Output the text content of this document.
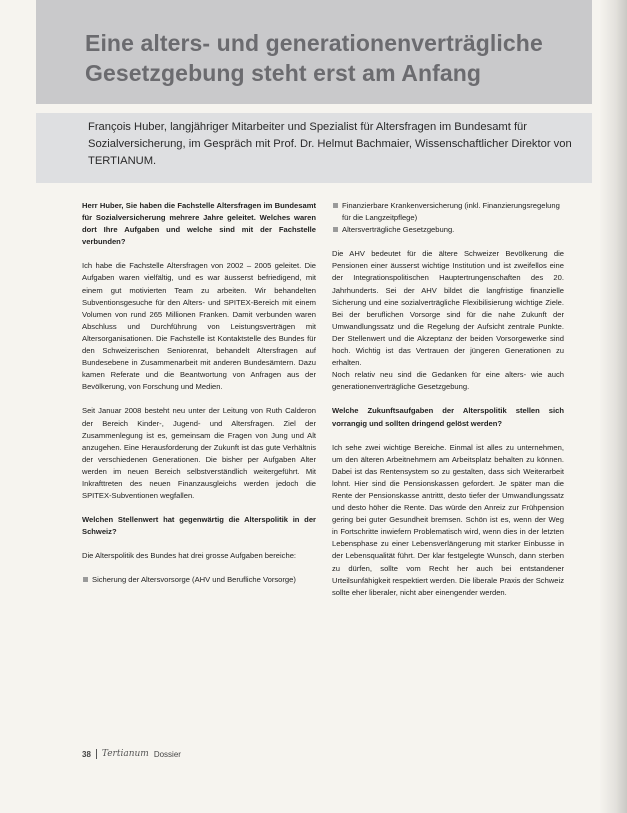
Eine alters- und generationenverträgliche Gesetzgebung steht erst am Anfang

François Huber, langjähriger Mitarbeiter und Spezialist für Altersfragen im Bundesamt für Sozialversicherung, im Gespräch mit Prof. Dr. Helmut Bachmaier, Wissenschaftlicher Direktor von TERTIANUM.

Herr Huber, Sie haben die Fachstelle Altersfragen im Bundesamt für Sozialversicherung mehrere Jahre geleitet. Welches waren dort Ihre Aufgaben und welche sind mit der Fachstelle verbunden?

Ich habe die Fachstelle Altersfragen von 2002 – 2005 geleitet. Die Aufgaben waren vielfältig, und es war äusserst befriedigend, mit einem gut motivierten Team zu arbeiten. Wir behandelten Subventionsgesuche für den Alters- und SPITEX-Bereich mit einem Volumen von rund 265 Millionen Franken. Damit verbunden waren Abschluss und Durchführung von Leistungsverträgen mit Altersorganisationen. Die Fachstelle ist Kontaktstelle des Bundes für den Schweizerischen Seniorenrat, behandelt Altersfragen auf Bundesebene in Zusammenarbeit mit anderen Bundesämtern. Dazu kamen Referate und die Beantwortung von Anfragen aus der Bevölkerung, von Forschung und Medien.

Seit Januar 2008 besteht neu unter der Leitung von Ruth Calderon der Bereich Kinder-, Jugend- und Altersfragen. Ziel der Zusammenlegung ist es, gemeinsam die Fragen von Jung und Alt anzugehen. Eine Herausforderung der Zukunft ist das gute Verhältnis der verschiedenen Generationen. Die bisher per Aufgaben Alter werden im neuen Bereich selbstverständlich weitergeführt. Mit Inkrafttreten des neuen Finanzausgleichs werden jedoch die SPITEX-Subventionen wegfallen.

Welchen Stellenwert hat gegenwärtig die Alterspolitik in der Schweiz?

Die Alterspolitik des Bundes hat drei grosse Aufgaben bereiche:

Sicherung der Altersvorsorge (AHV und Berufliche Vorsorge)
Finanzierbare Krankenversicherung (inkl. Finanzierungsregelung für die Langzeitpflege)
Altersverträgliche Gesetzgebung.

Die AHV bedeutet für die ältere Schweizer Bevölkerung die Pensionen einer äusserst wichtige Institution und ist zweifellos eine der Integrationspolitischen Hauptertrungenschaften des 20. Jahrhunderts. Sei der AHV bildet die langfristige finanzielle Sicherung und eine sozialverträgliche Flexibilisierung wichtige Ziele. Bei der beruflichen Vorsorge sind für die nahe Zukunft der Umwandlungssatz und die Regelung der Aufsicht zentrale Punkte. Der Stellenwert und die Akzeptanz der beiden Vorsorgewerke sind hoch. Wichtig ist das Vertrauen der jüngeren Generationen zu erhalten.

Noch relativ neu sind die Gedanken für eine alters- wie auch generationenverträgliche Gesetzgebung.

Welche Zukunftsaufgaben der Alterspolitik stellen sich vorrangig und sollten dringend gelöst werden?

Ich sehe zwei wichtige Bereiche. Einmal ist alles zu unternehmen, um den älteren Arbeitnehmern am Arbeitsplatz behalten zu können. Dabei ist das Rentensystem so zu gestalten, dass sich Weiterarbeit lohnt. Hier sind die Pensionskassen gefordert. Je später man die Rente der Pensionskasse antrittt, desto tiefer der Umwandlungssatz und desto höher die Rente. Das würde den Anreiz zur Frühpension gering bei guter Gesundheit bremsen. Schön ist es, wenn der Weg in Fortschritte inwiefern Problematisch wird, wenn dies in der letzten Lebensphase zu einer Lebensverlängerung mit starker Einbusse in der Lebensqualität führt. Der klar festgelegte Wunsch, dann sterben zu dürfen, sollte vom Recht her auch bei entstandener Urteilsunfähigkeit respektiert werden. Die liberale Praxis der Schweiz sollte eher liberaler, nicht aber einengender werden.

38 Tertianum Dossier
